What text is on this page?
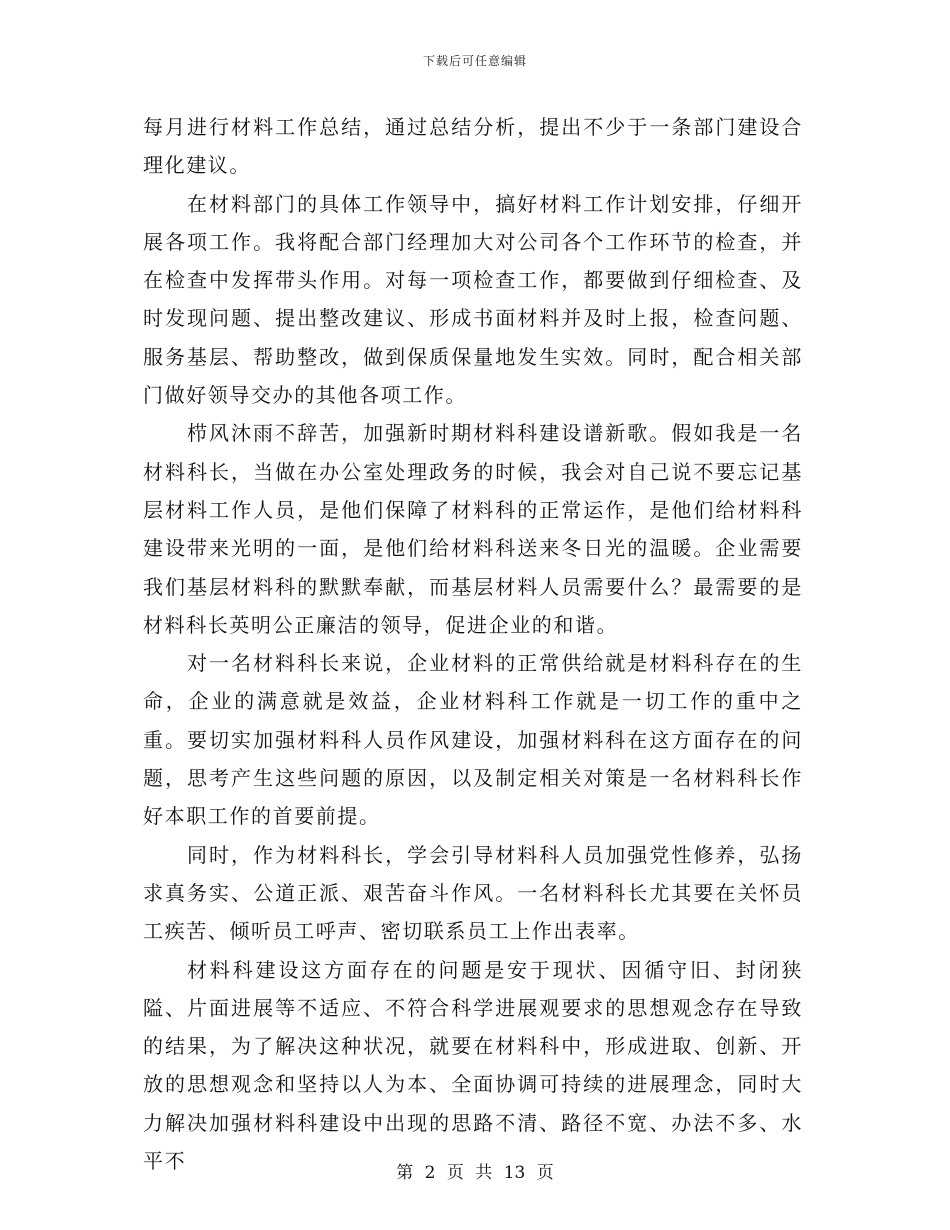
下载后可任意编辑

每月进行材料工作总结，通过总结分析，提出不少于一条部门建设合理化建议。

在材料部门的具体工作领导中，搞好材料工作计划安排，仔细开展各项工作。我将配合部门经理加大对公司各个工作环节的检查，并在检查中发挥带头作用。对每一项检查工作，都要做到仔细检查、及时发现问题、提出整改建议、形成书面材料并及时上报，检查问题、服务基层、帮助整改，做到保质保量地发生实效。同时，配合相关部门做好领导交办的其他各项工作。

栉风沐雨不辞苦，加强新时期材料科建设谱新歌。假如我是一名材料科长，当做在办公室处理政务的时候，我会对自己说不要忘记基层材料工作人员，是他们保障了材料科的正常运作，是他们给材料科建设带来光明的一面，是他们给材料科送来冬日光的温暖。企业需要我们基层材料科的默默奉献，而基层材料人员需要什么？最需要的是材料科长英明公正廉洁的领导，促进企业的和谐。

对一名材料科长来说，企业材料的正常供给就是材料科存在的生命，企业的满意就是效益，企业材料科工作就是一切工作的重中之重。要切实加强材料科人员作风建设，加强材料科在这方面存在的问题，思考产生这些问题的原因，以及制定相关对策是一名材料科长作好本职工作的首要前提。

同时，作为材料科长，学会引导材料科人员加强党性修养，弘扬求真务实、公道正派、艰苦奋斗作风。一名材料科长尤其要在关怀员工疾苦、倾听员工呼声、密切联系员工上作出表率。

材料科建设这方面存在的问题是安于现状、因循守旧、封闭狭隘、片面进展等不适应、不符合科学进展观要求的思想观念存在导致的结果，为了解决这种状况，就要在材料科中，形成进取、创新、开放的思想观念和坚持以人为本、全面协调可持续的进展理念，同时大力解决加强材料科建设中出现的思路不清、路径不宽、办法不多、水平不	第 2 页 共 13 页
